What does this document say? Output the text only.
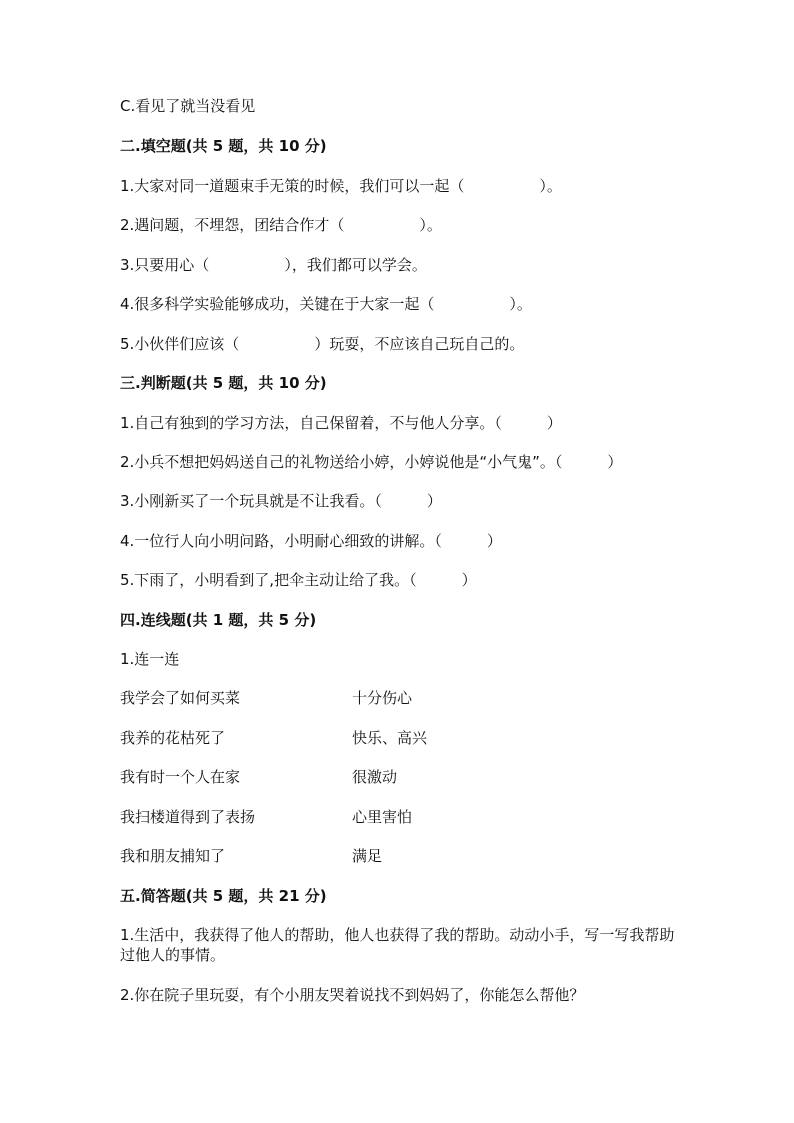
C.看见了就当没看见
二.填空题(共 5 题，共 10 分)
1.大家对同一道题束手无策的时候，我们可以一起（　　　　　）。
2.遇问题，不埋怨，团结合作才（　　　　　）。
3.只要用心（　　　　　），我们都可以学会。
4.很多科学实验能够成功，关键在于大家一起（　　　　　）。
5.小伙伴们应该（　　　　　）玩耍，不应该自己玩自己的。
三.判断题(共 5 题，共 10 分)
1.自己有独到的学习方法，自己保留着，不与他人分享。（　　　）
2.小兵不想把妈妈送自己的礼物送给小婷，小婷说他是“小气鬼”。（　　　）
3.小刚新买了一个玩具就是不让我看。（　　　）
4.一位行人向小明问路，小明耐心细致的讲解。（　　　）
5.下雨了，小明看到了,把伞主动让给了我。（　　　）
四.连线题(共 1 题，共 5 分)
1.连一连
我学会了如何买菜	十分伤心
我养的花枯死了	快乐、高兴
我有时一个人在家	很激动
我扫楼道得到了表扬	心里害怕
我和朋友捕知了	满足
五.简答题(共 5 题，共 21 分)
1.生活中，我获得了他人的帮助，他人也获得了我的帮助。动动小手，写一写我帮助过他人的事情。
2.你在院子里玩耍，有个小朋友哭着说找不到妈妈了，你能怎么帮他？
